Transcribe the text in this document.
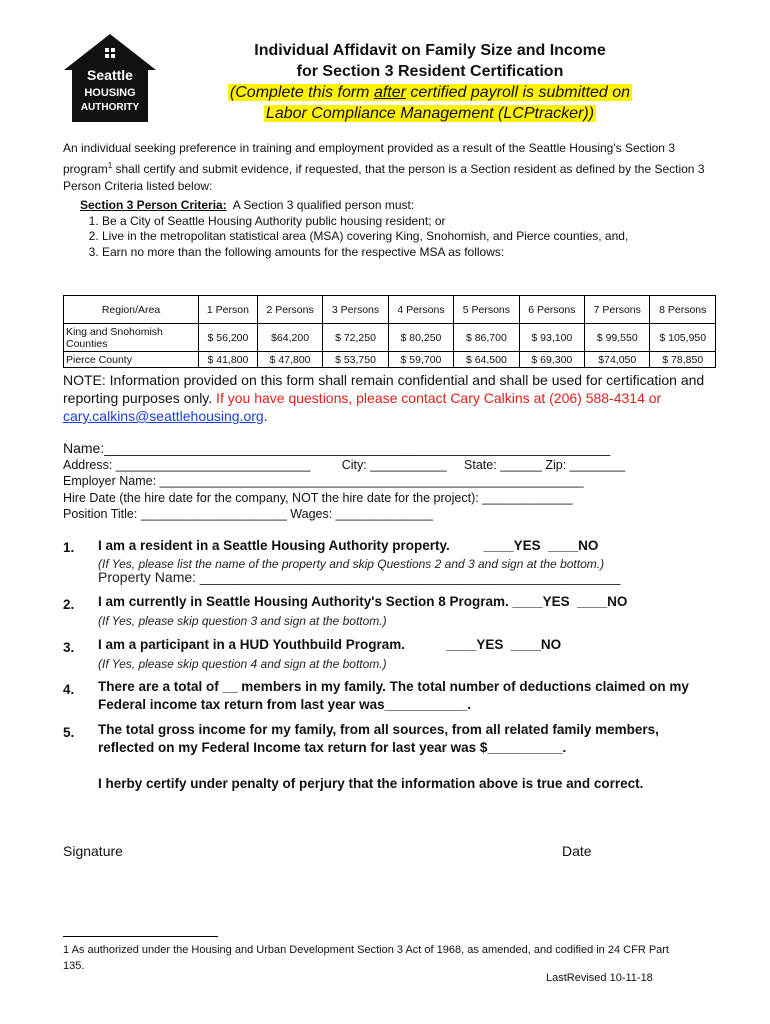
Seattle
HOUSING
AUTHORITY
Individual Affidavit on Family Size and Income
for Section 3 Resident Certification
(Complete this form after certified payroll is submitted on
Labor Compliance Management (LCPtracker))
An individual seeking preference in training and employment provided as a result of the Seattle Housing's Section 3 program$^1$ shall certify and submit evidence, if requested, that the person is a Section resident as defined by the Section 3 Person Criteria listed below:
Section 3 Person Criteria:  A Section 3 qualified person must:
1. Be a City of Seattle Housing Authority public housing resident; or
2. Live in the metropolitan statistical area (MSA) covering King, Snohomish, and Pierce counties, and,
3. Earn no more than the following amounts for the respective MSA as follows:
Region/Area	1 Person	2 Persons	3 Persons	4 Persons	5 Persons	6 Persons	7 Persons	8 Persons
King and Snohomish Counties	$ 56,200	$64,200	$ 72,250	$ 80,250	$ 86,700	$ 93,100	$ 99,550	$ 105,950
Pierce County	$ 41,800	$ 47,800	$ 53,750	$ 59,700	$ 64,500	$ 69,300	$74,050	$ 78,850
NOTE: Information provided on this form shall remain confidential and shall be used for certification and reporting purposes only. If you have questions, please contact Cary Calkins at (206) 588-4314 or cary.calkins@seattlehousing.org.
Name:_________________________________________________________________
Address: ____________________________         City: ___________     State: ______ Zip: ________
Employer Name: _____________________________________________________________
Hire Date (the hire date for the company, NOT the hire date for the project): _____________
Position Title: _____________________ Wages: ______________
1. I am a resident in a Seattle Housing Authority property.         ____YES  ____NO
(If Yes, please list the name of the property and skip Questions 2 and 3 and sign at the bottom.)
Property Name: ______________________________________________________
2. I am currently in Seattle Housing Authority's Section 8 Program. ____YES  ____NO
(If Yes, please skip question 3 and sign at the bottom.)
3. I am a participant in a HUD Youthbuild Program.           ____YES  ____NO
(If Yes, please skip question 4 and sign at the bottom.)
4. There are a total of __ members in my family. The total number of deductions claimed on my Federal income tax return from last year was___________.
5. The total gross income for my family, from all sources, from all related family members, reflected on my Federal Income tax return for last year was $__________.
I herby certify under penalty of perjury that the information above is true and correct.
Signature	Date
1 As authorized under the Housing and Urban Development Section 3 Act of 1968, as amended, and codified in 24 CFR Part 135.
LastRevised 10-11-18
